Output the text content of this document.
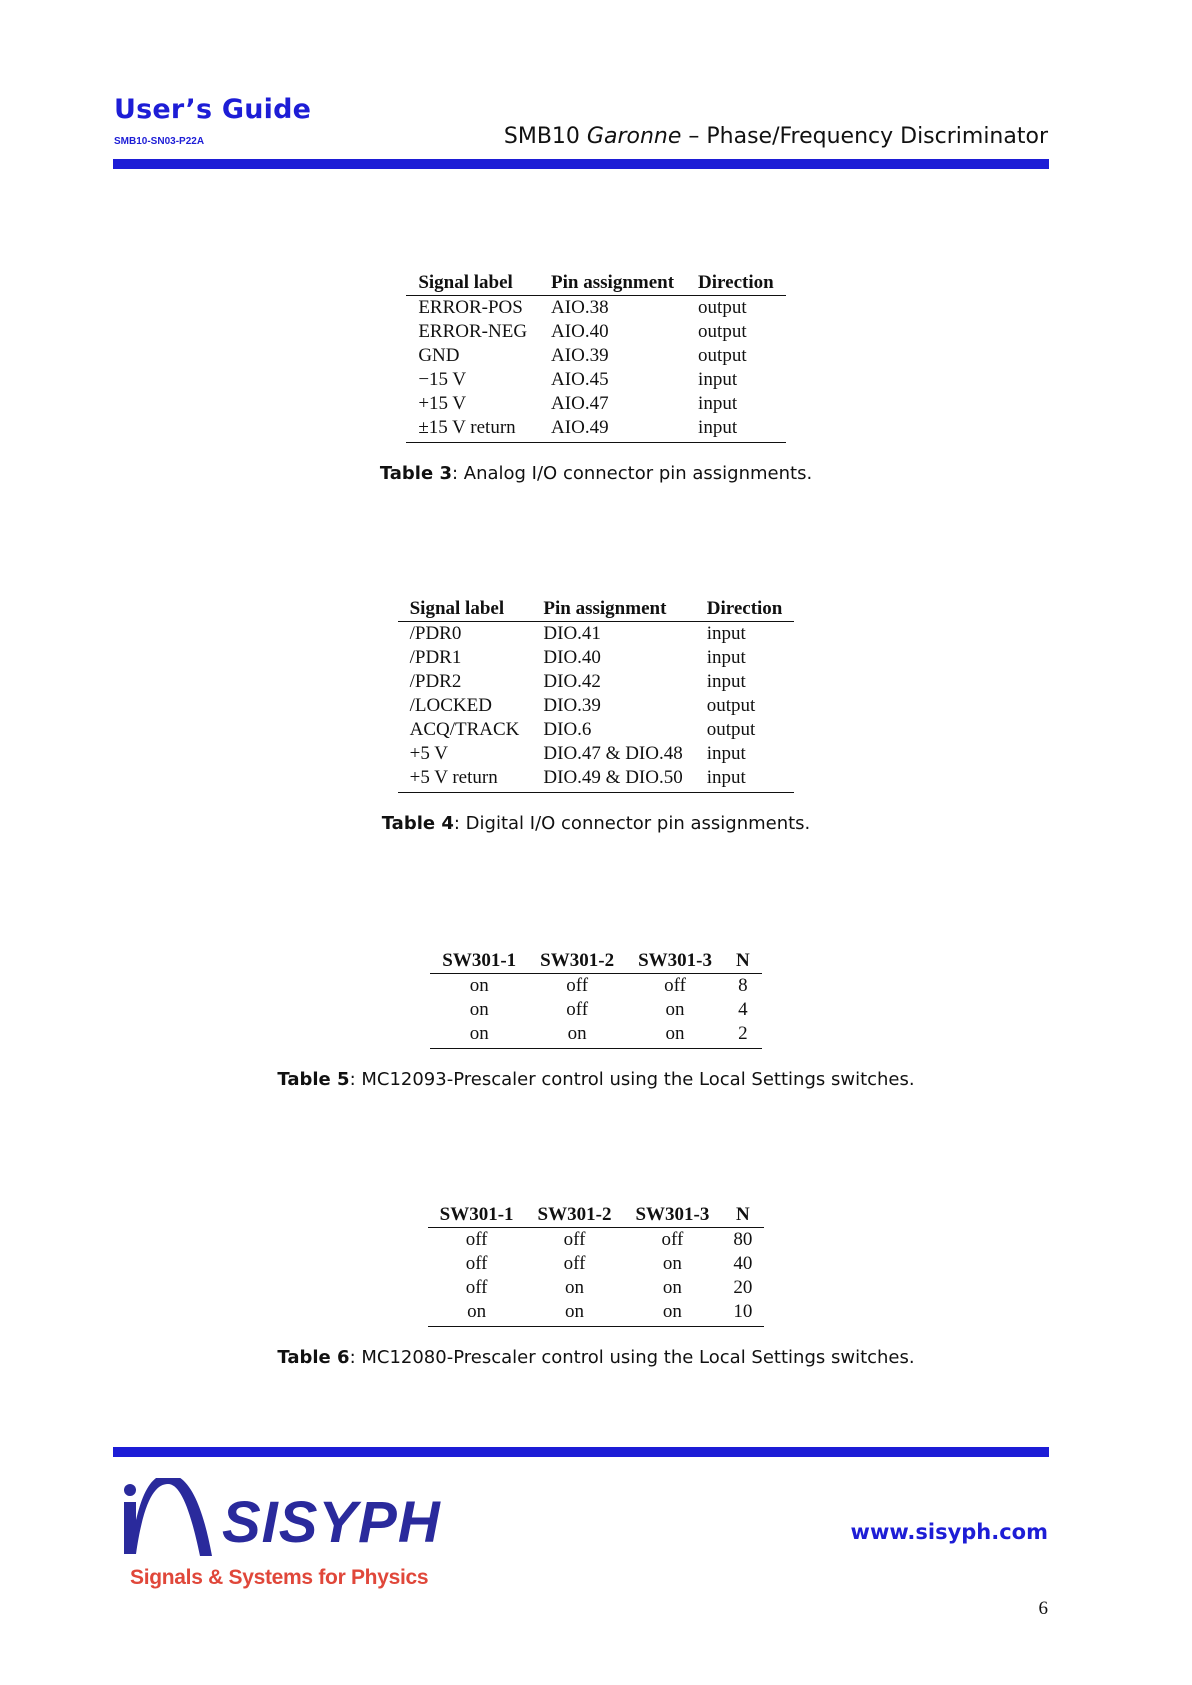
User’s Guide
SMB10-SN03-P22A	SMB10 Garonne – Phase/Frequency Discriminator
Signal label	Pin assignment	Direction
ERROR-POS	AIO.38	output
ERROR-NEG	AIO.40	output
GND	AIO.39	output
−15 V	AIO.45	input
+15 V	AIO.47	input
±15 V return	AIO.49	input
Table 3: Analog I/O connector pin assignments.
Signal label	Pin assignment	Direction
/PDR0	DIO.41	input
/PDR1	DIO.40	input
/PDR2	DIO.42	input
/LOCKED	DIO.39	output
ACQ/TRACK	DIO.6	output
+5 V	DIO.47 & DIO.48	input
+5 V return	DIO.49 & DIO.50	input
Table 4: Digital I/O connector pin assignments.
SW301-1	SW301-2	SW301-3	N
on	off	off	8
on	off	on	4
on	on	on	2
Table 5: MC12093-Prescaler control using the Local Settings switches.
SW301-1	SW301-2	SW301-3	N
off	off	off	80
off	off	on	40
off	on	on	20
on	on	on	10
Table 6: MC12080-Prescaler control using the Local Settings switches.
SISYPH
Signals & Systems for Physics
www.sisyph.com
6
